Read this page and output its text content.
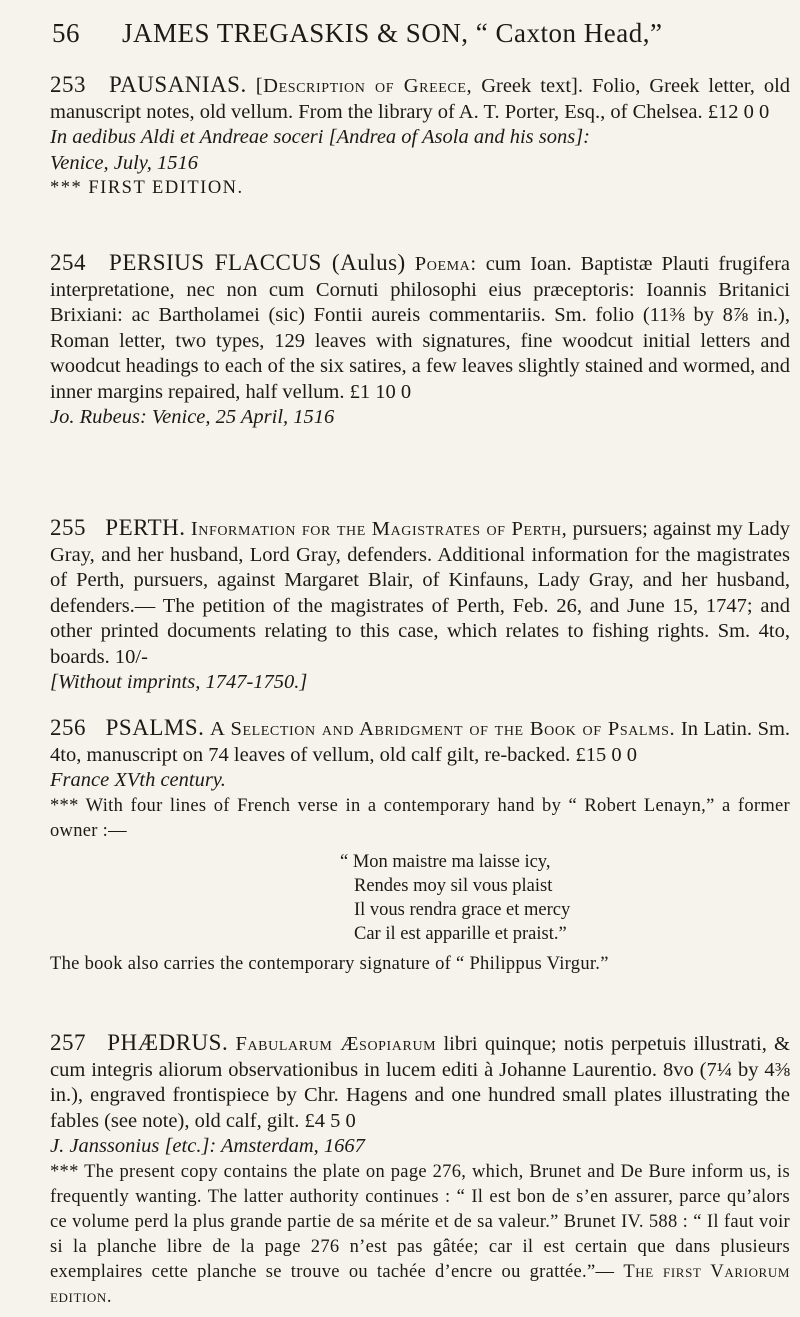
56 JAMES TREGASKIS & SON, “ Caxton Head,”

253 PAUSANIAS. [Description of Greece, Greek text]. Folio, Greek letter, old manuscript notes, old vellum. From the library of A. T. Porter, Esq., of Chelsea. £12 0 0

In aedibus Aldi et Andreae soceri [Andrea of Asola and his sons]:

Venice, July, 1516

*** FIRST EDITION.

254 PERSIUS FLACCUS (Aulus) Poema: cum Ioan. Baptistæ Plauti frugifera interpretatione, nec non cum Cornuti philosophi eius præceptoris: Ioannis Britanici Brixiani: ac Bartholamei (sic) Fontii aureis commentariis. Sm. folio (11⅜ by 8⅞ in.), Roman letter, two types, 129 leaves with signatures, fine woodcut initial letters and woodcut headings to each of the six satires, a few leaves slightly stained and wormed, and inner margins repaired, half vellum. £1 10 0

Jo. Rubeus: Venice, 25 April, 1516

255 PERTH. Information for the Magistrates of Perth, pursuers; against my Lady Gray, and her husband, Lord Gray, defenders. Additional information for the magistrates of Perth, pursuers, against Margaret Blair, of Kinfauns, Lady Gray, and her husband, defenders.— The petition of the magistrates of Perth, Feb. 26, and June 15, 1747; and other printed documents relating to this case, which relates to fishing rights. Sm. 4to, boards. 10/-

[Without imprints, 1747-1750.]

256 PSALMS. A Selection and Abridgment of the Book of Psalms. In Latin. Sm. 4to, manuscript on 74 leaves of vellum, old calf gilt, re-backed. £15 0 0

France XVth century.

*** With four lines of French verse in a contemporary hand by “ Robert Lenayn,” a former owner :—

“ Mon maistre ma laisse icy,
Rendes moy sil vous plaist
Il vous rendra grace et mercy
Car il est apparille et praist.”

The book also carries the contemporary signature of “ Philippus Virgur.”

257 PHÆDRUS. Fabularum Æsopiarum libri quinque; notis perpetuis illustrati, & cum integris aliorum observationibus in lucem editi à Johanne Laurentio. 8vo (7¼ by 4⅜ in.), engraved frontispiece by Chr. Hagens and one hundred small plates illustrating the fables (see note), old calf, gilt. £4 5 0

J. Janssonius [etc.]: Amsterdam, 1667

*** The present copy contains the plate on page 276, which, Brunet and De Bure inform us, is frequently wanting. The latter authority continues : “ Il est bon de s’en assurer, parce qu’alors ce volume perd la plus grande partie de sa mérite et de sa valeur.” Brunet IV. 588 : “ Il faut voir si la planche libre de la page 276 n’est pas gâtée; car il est certain que dans plusieurs exemplaires cette planche se trouve ou tachée d’encre ou grattée.”— The first Variorum edition.
